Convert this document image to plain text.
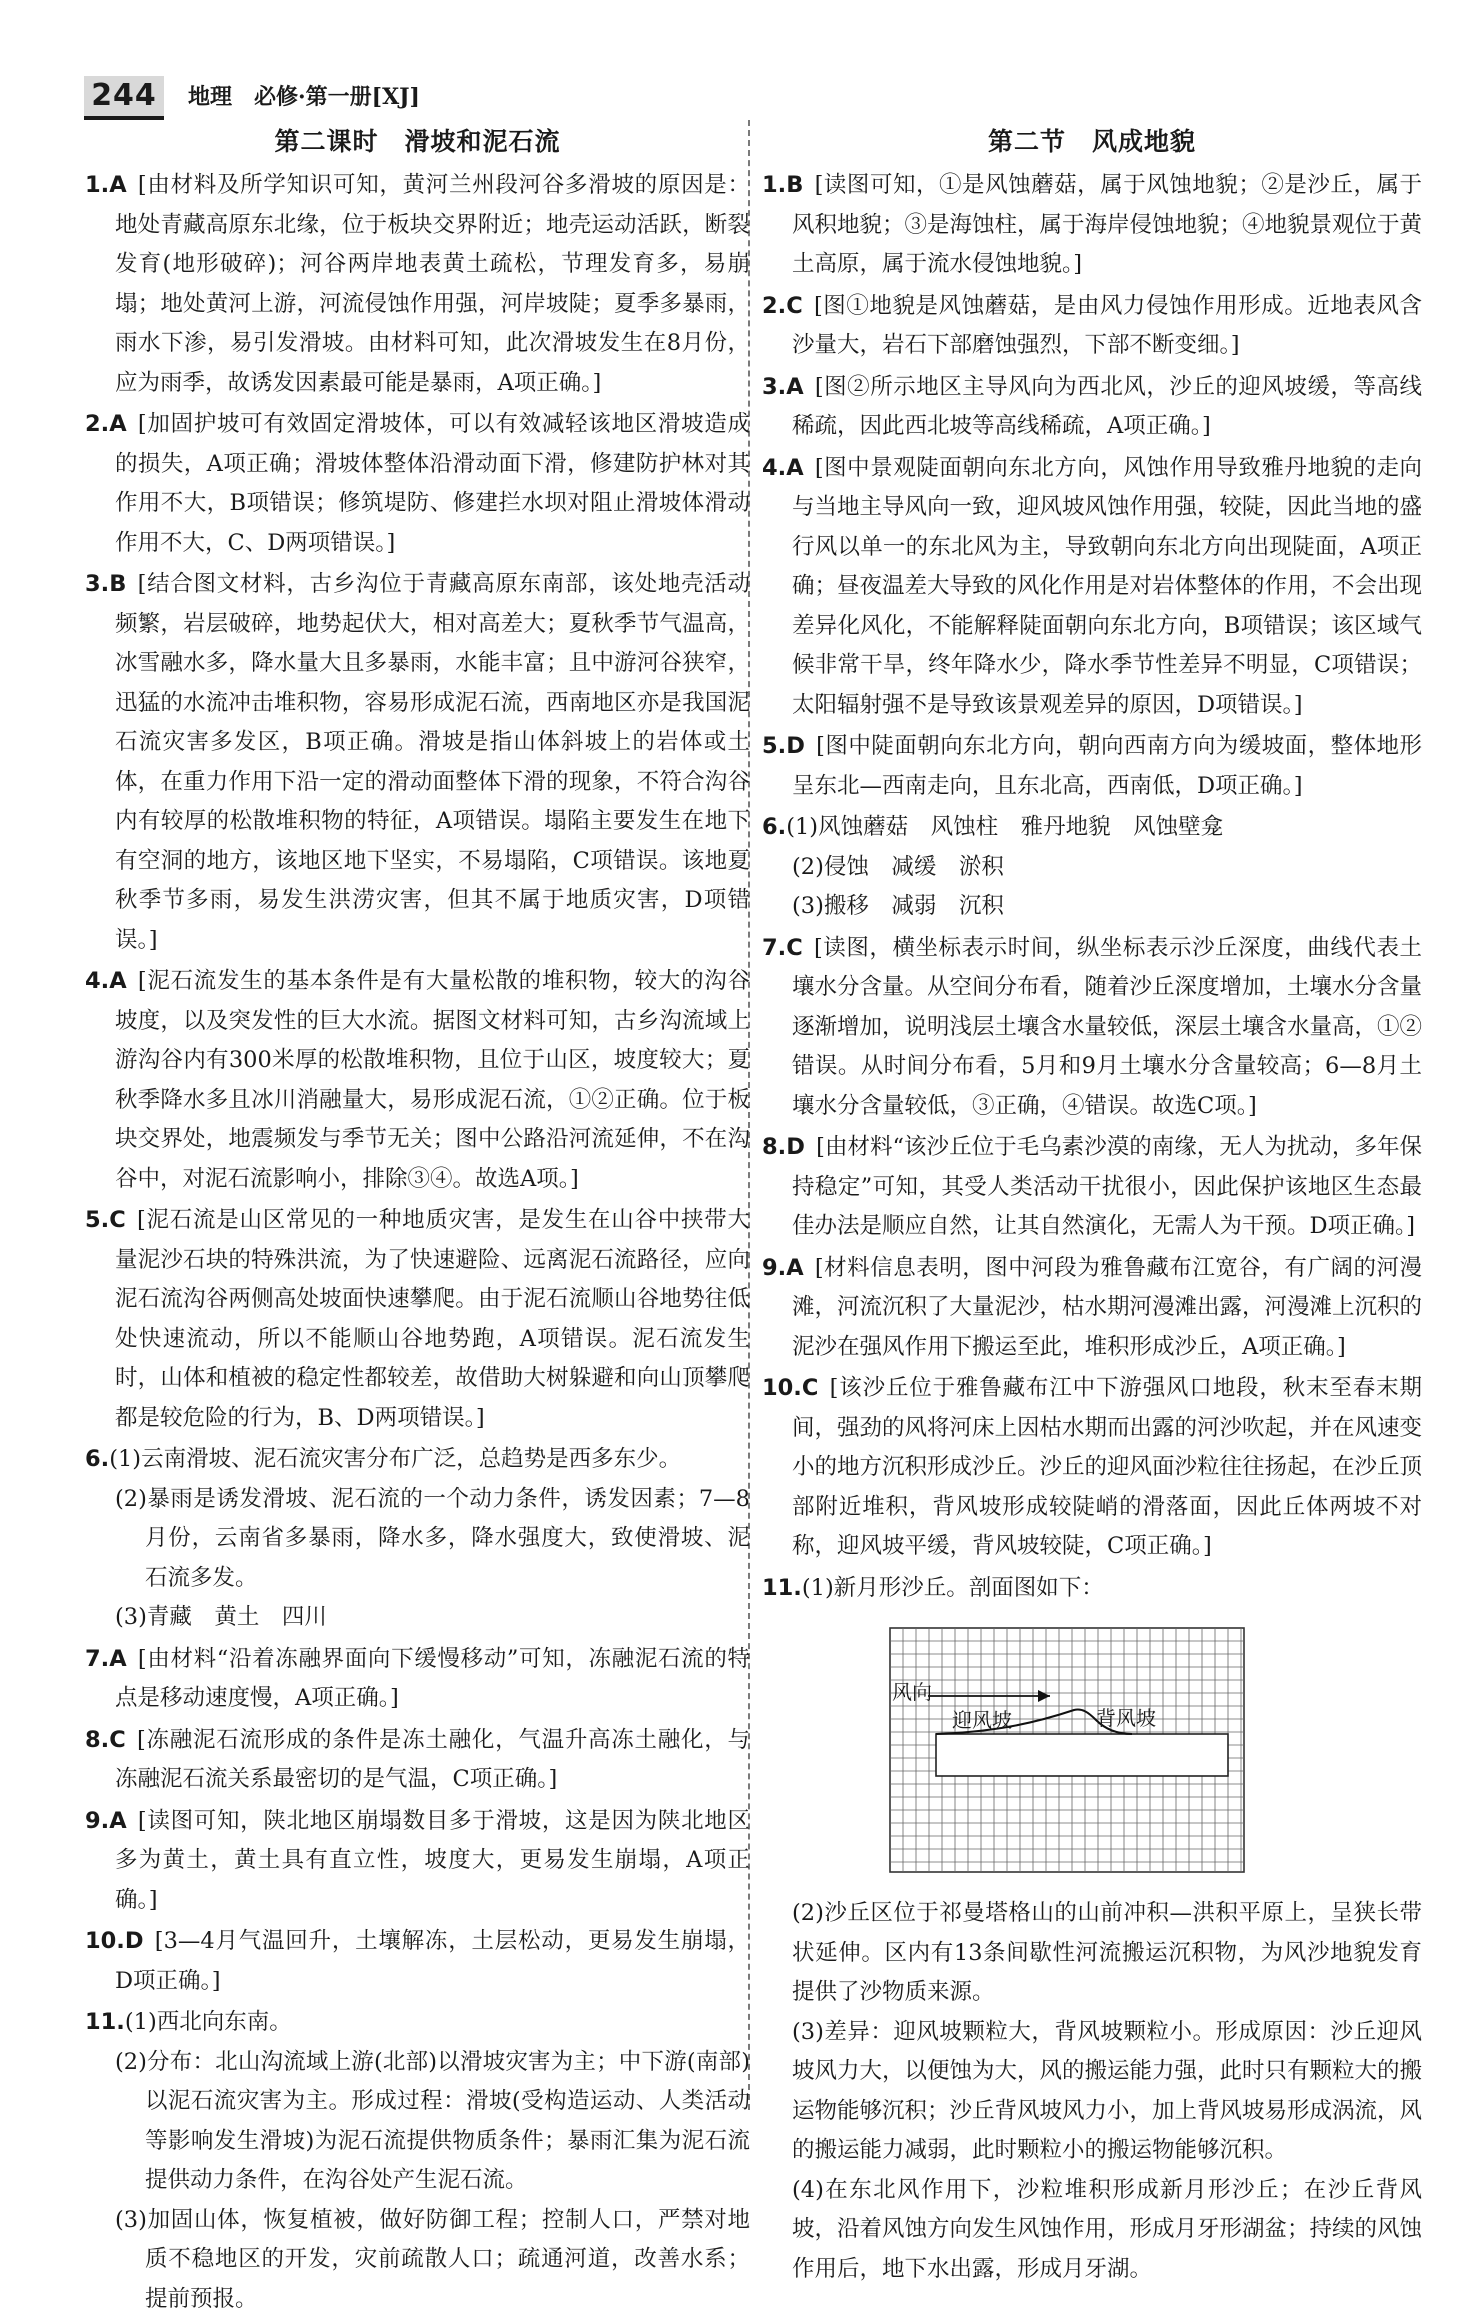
244	地理　必修·第一册[XJ]
第二课时　滑坡和泥石流
1.A  [由材料及所学知识可知，黄河兰州段河谷多滑坡的原因是：地处青藏高原东北缘，位于板块交界附近；地壳运动活跃，断裂发育(地形破碎)；河谷两岸地表黄土疏松，节理发育多，易崩塌；地处黄河上游，河流侵蚀作用强，河岸坡陡；夏季多暴雨，雨水下渗，易引发滑坡。由材料可知，此次滑坡发生在8月份，应为雨季，故诱发因素最可能是暴雨，A项正确。]
2.A  [加固护坡可有效固定滑坡体，可以有效减轻该地区滑坡造成的损失，A项正确；滑坡体整体沿滑动面下滑，修建防护林对其作用不大，B项错误；修筑堤防、修建拦水坝对阻止滑坡体滑动作用不大，C、D两项错误。]
3.B  [结合图文材料，古乡沟位于青藏高原东南部，该处地壳活动频繁，岩层破碎，地势起伏大，相对高差大；夏秋季节气温高，冰雪融水多，降水量大且多暴雨，水能丰富；且中游河谷狭窄，迅猛的水流冲击堆积物，容易形成泥石流，西南地区亦是我国泥石流灾害多发区，B项正确。滑坡是指山体斜坡上的岩体或土体，在重力作用下沿一定的滑动面整体下滑的现象，不符合沟谷内有较厚的松散堆积物的特征，A项错误。塌陷主要发生在地下有空洞的地方，该地区地下坚实，不易塌陷，C项错误。该地夏秋季节多雨，易发生洪涝灾害，但其不属于地质灾害，D项错误。]
4.A  [泥石流发生的基本条件是有大量松散的堆积物，较大的沟谷坡度，以及突发性的巨大水流。据图文材料可知，古乡沟流域上游沟谷内有300米厚的松散堆积物，且位于山区，坡度较大；夏秋季降水多且冰川消融量大，易形成泥石流，①②正确。位于板块交界处，地震频发与季节无关；图中公路沿河流延伸，不在沟谷中，对泥石流影响小，排除③④。故选A项。]
5.C  [泥石流是山区常见的一种地质灾害，是发生在山谷中挟带大量泥沙石块的特殊洪流，为了快速避险、远离泥石流路径，应向泥石流沟谷两侧高处坡面快速攀爬。由于泥石流顺山谷地势往低处快速流动，所以不能顺山谷地势跑，A项错误。泥石流发生时，山体和植被的稳定性都较差，故借助大树躲避和向山顶攀爬都是较危险的行为，B、D两项错误。]
6.(1)云南滑坡、泥石流灾害分布广泛，总趋势是西多东少。
(2)暴雨是诱发滑坡、泥石流的一个动力条件，诱发因素；7—8月份，云南省多暴雨，降水多，降水强度大，致使滑坡、泥石流多发。
(3)青藏　黄土　四川
7.A  [由材料“沿着冻融界面向下缓慢移动”可知，冻融泥石流的特点是移动速度慢，A项正确。]
8.C  [冻融泥石流形成的条件是冻土融化，气温升高冻土融化，与冻融泥石流关系最密切的是气温，C项正确。]
9.A  [读图可知，陕北地区崩塌数目多于滑坡，这是因为陕北地区多为黄土，黄土具有直立性，坡度大，更易发生崩塌，A项正确。]
10.D  [3—4月气温回升，土壤解冻，土层松动，更易发生崩塌，D项正确。]
11.(1)西北向东南。
(2)分布：北山沟流域上游(北部)以滑坡灾害为主；中下游(南部)以泥石流灾害为主。形成过程：滑坡(受构造运动、人类活动等影响发生滑坡)为泥石流提供物质条件；暴雨汇集为泥石流提供动力条件，在沟谷处产生泥石流。
(3)加固山体，恢复植被，做好防御工程；控制人口，严禁对地质不稳地区的开发，灾前疏散人口；疏通河道，改善水系；提前预报。
第二节　风成地貌
1.B  [读图可知，①是风蚀蘑菇，属于风蚀地貌；②是沙丘，属于风积地貌；③是海蚀柱，属于海岸侵蚀地貌；④地貌景观位于黄土高原，属于流水侵蚀地貌。]
2.C  [图①地貌是风蚀蘑菇，是由风力侵蚀作用形成。近地表风含沙量大，岩石下部磨蚀强烈，下部不断变细。]
3.A  [图②所示地区主导风向为西北风，沙丘的迎风坡缓，等高线稀疏，因此西北坡等高线稀疏，A项正确。]
4.A  [图中景观陡面朝向东北方向，风蚀作用导致雅丹地貌的走向与当地主导风向一致，迎风坡风蚀作用强，较陡，因此当地的盛行风以单一的东北风为主，导致朝向东北方向出现陡面，A项正确；昼夜温差大导致的风化作用是对岩体整体的作用，不会出现差异化风化，不能解释陡面朝向东北方向，B项错误；该区域气候非常干旱，终年降水少，降水季节性差异不明显，C项错误；太阳辐射强不是导致该景观差异的原因，D项错误。]
5.D  [图中陡面朝向东北方向，朝向西南方向为缓坡面，整体地形呈东北—西南走向，且东北高，西南低，D项正确。]
6.(1)风蚀蘑菇　风蚀柱　雅丹地貌　风蚀壁龛
(2)侵蚀　减缓　淤积
(3)搬移　减弱　沉积
7.C  [读图，横坐标表示时间，纵坐标表示沙丘深度，曲线代表土壤水分含量。从空间分布看，随着沙丘深度增加，土壤水分含量逐渐增加，说明浅层土壤含水量较低，深层土壤含水量高，①②错误。从时间分布看，5月和9月土壤水分含量较高；6—8月土壤水分含量较低，③正确，④错误。故选C项。]
8.D  [由材料“该沙丘位于毛乌素沙漠的南缘，无人为扰动，多年保持稳定”可知，其受人类活动干扰很小，因此保护该地区生态最佳办法是顺应自然，让其自然演化，无需人为干预。D项正确。]
9.A  [材料信息表明，图中河段为雅鲁藏布江宽谷，有广阔的河漫滩，河流沉积了大量泥沙，枯水期河漫滩出露，河漫滩上沉积的泥沙在强风作用下搬运至此，堆积形成沙丘，A项正确。]
10.C  [该沙丘位于雅鲁藏布江中下游强风口地段，秋末至春末期间，强劲的风将河床上因枯水期而出露的河沙吹起，并在风速变小的地方沉积形成沙丘。沙丘的迎风面沙粒往往扬起，在沙丘顶部附近堆积，背风坡形成较陡峭的滑落面，因此丘体两坡不对称，迎风坡平缓，背风坡较陡，C项正确。]
11.(1)新月形沙丘。剖面图如下：
风向
迎风坡	背风坡
(2)沙丘区位于祁曼塔格山的山前冲积—洪积平原上，呈狭长带状延伸。区内有13条间歇性河流搬运沉积物，为风沙地貌发育提供了沙物质来源。
(3)差异：迎风坡颗粒大，背风坡颗粒小。形成原因：沙丘迎风坡风力大，以便蚀为大，风的搬运能力强，此时只有颗粒大的搬运物能够沉积；沙丘背风坡风力小，加上背风坡易形成涡流，风的搬运能力减弱，此时颗粒小的搬运物能够沉积。
(4)在东北风作用下，沙粒堆积形成新月形沙丘；在沙丘背风坡，沿着风蚀方向发生风蚀作用，形成月牙形湖盆；持续的风蚀作用后，地下水出露，形成月牙湖。
